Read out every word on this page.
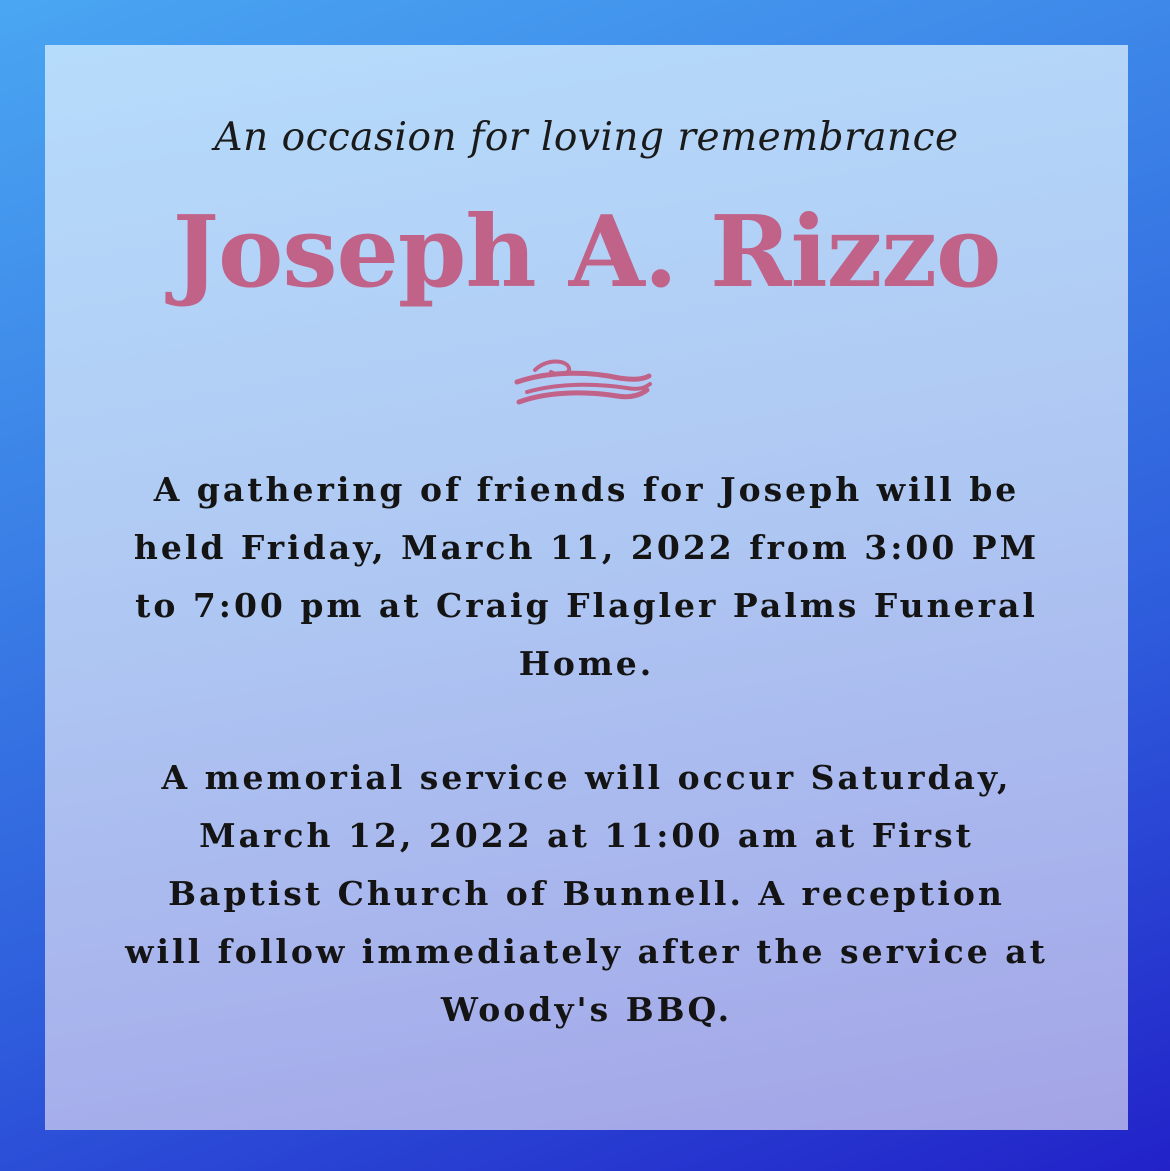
An occasion for loving remembrance
Joseph A. Rizzo
A gathering of friends for Joseph will be held Friday, March 11, 2022 from 3:00 PM to 7:00 pm at Craig Flagler Palms Funeral Home.
A memorial service will occur Saturday, March 12, 2022 at 11:00 am at First Baptist Church of Bunnell. A reception will follow immediately after the service at Woody's BBQ.
